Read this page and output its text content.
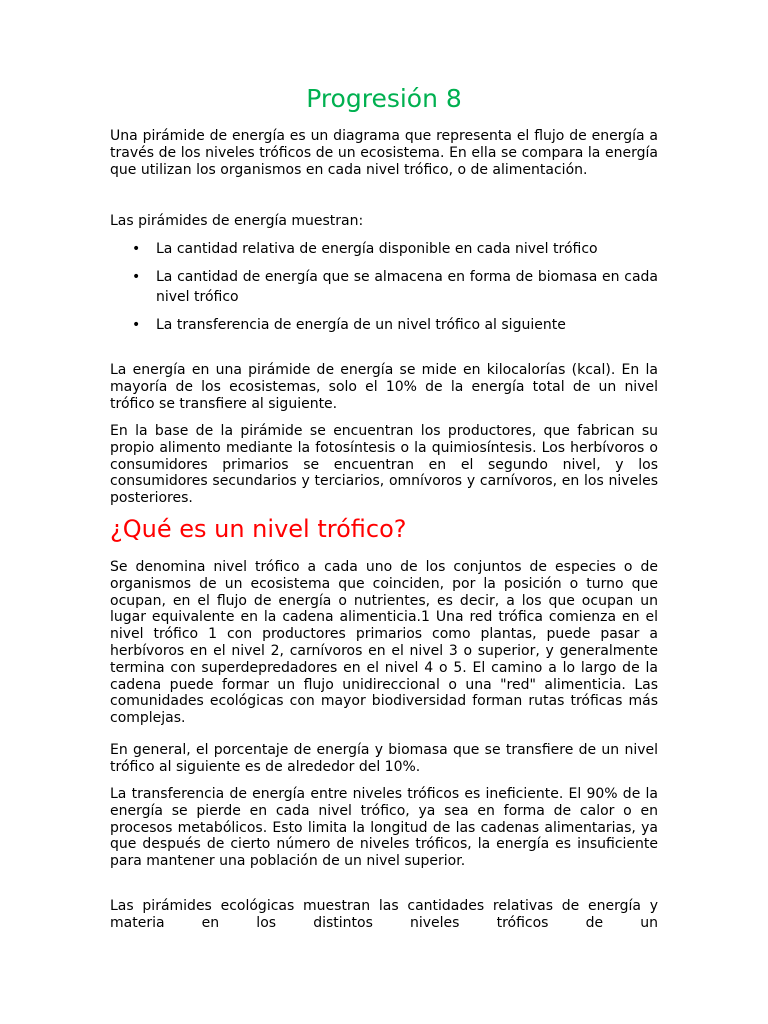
Progresión 8

Una pirámide de energía es un diagrama que representa el flujo de energía a través de los niveles tróficos de un ecosistema. En ella se compara la energía que utilizan los organismos en cada nivel trófico, o de alimentación.

Las pirámides de energía muestran:

• La cantidad relativa de energía disponible en cada nivel trófico
• La cantidad de energía que se almacena en forma de biomasa en cada nivel trófico
• La transferencia de energía de un nivel trófico al siguiente

La energía en una pirámide de energía se mide en kilocalorías (kcal). En la mayoría de los ecosistemas, solo el 10% de la energía total de un nivel trófico se transfiere al siguiente.

En la base de la pirámide se encuentran los productores, que fabrican su propio alimento mediante la fotosíntesis o la quimiosíntesis. Los herbívoros o consumidores primarios se encuentran en el segundo nivel, y los consumidores secundarios y terciarios, omnívoros y carnívoros, en los niveles posteriores.

¿Qué es un nivel trófico?

Se denomina nivel trófico a cada uno de los conjuntos de especies o de organismos de un ecosistema que coinciden, por la posición o turno que ocupan, en el flujo de energía o nutrientes, es decir, a los que ocupan un lugar equivalente en la cadena alimenticia.1 Una red trófica comienza en el nivel trófico 1 con productores primarios como plantas, puede pasar a herbívoros en el nivel 2, carnívoros en el nivel 3 o superior, y generalmente termina con superdepredadores en el nivel 4 o 5. El camino a lo largo de la cadena puede formar un flujo unidireccional o una "red" alimenticia. Las comunidades ecológicas con mayor biodiversidad forman rutas tróficas más complejas.

En general, el porcentaje de energía y biomasa que se transfiere de un nivel trófico al siguiente es de alrededor del 10%.

La transferencia de energía entre niveles tróficos es ineficiente. El 90% de la energía se pierde en cada nivel trófico, ya sea en forma de calor o en procesos metabólicos. Esto limita la longitud de las cadenas alimentarias, ya que después de cierto número de niveles tróficos, la energía es insuficiente para mantener una población de un nivel superior.

Las pirámides ecológicas muestran las cantidades relativas de energía y materia en los distintos niveles tróficos de un
